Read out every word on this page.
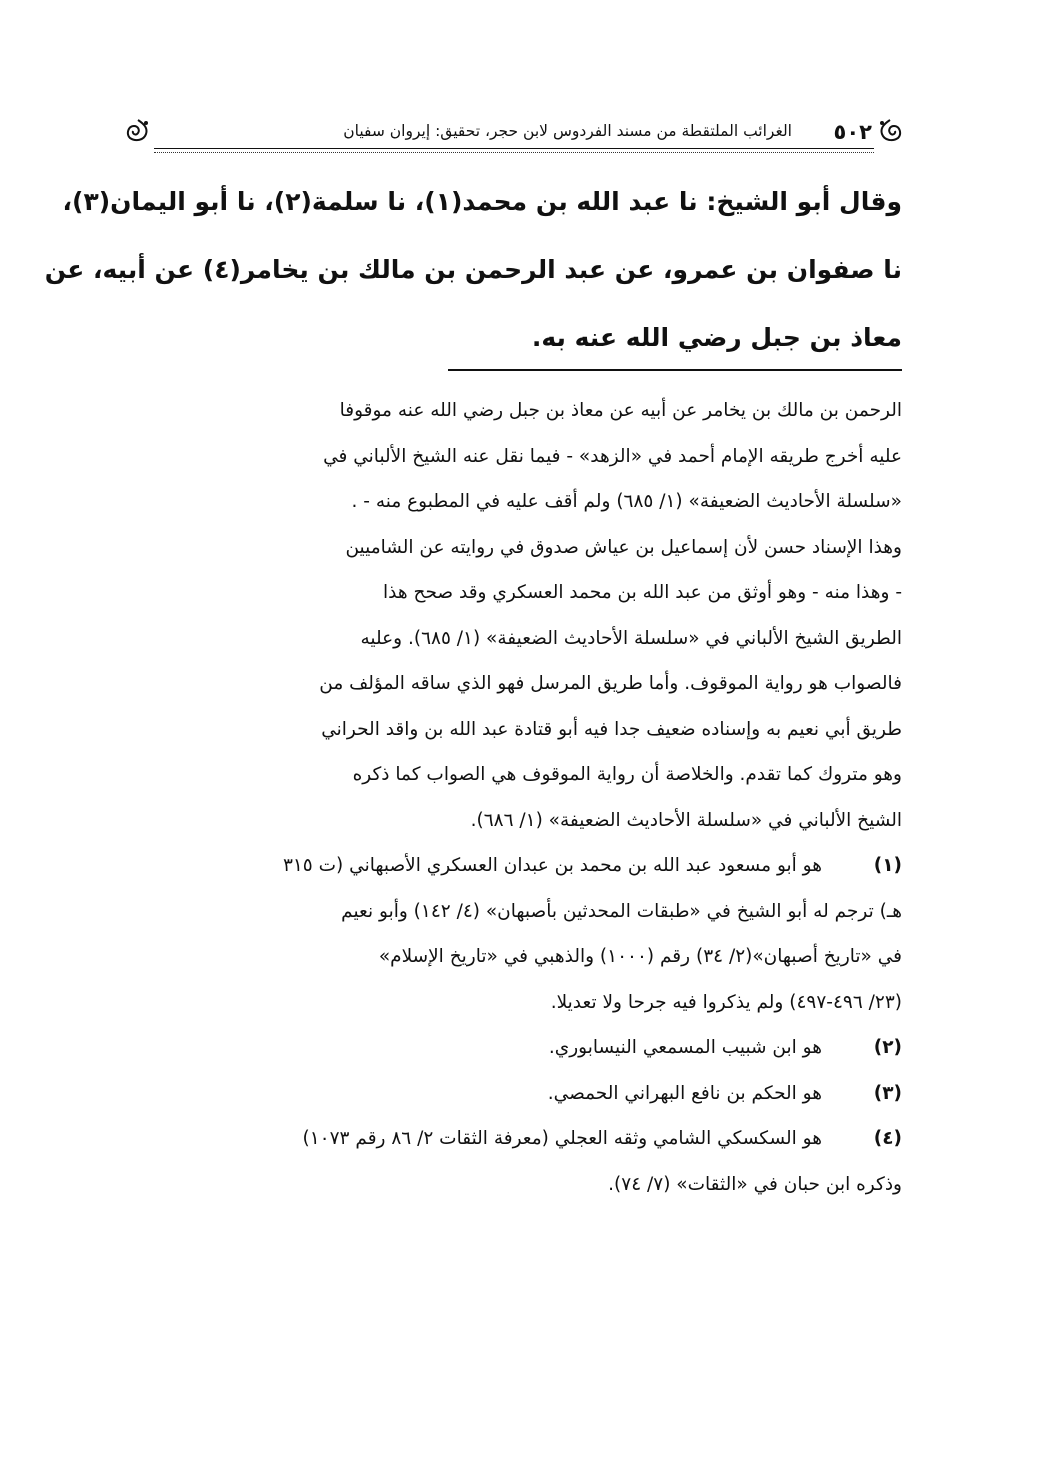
٥٠٢
الغرائب الملتقطة من مسند الفردوس لابن حجر، تحقيق: إيروان سفيان
وقال أبو الشيخ: نا عبد الله بن محمد(١)، نا سلمة(٢)، نا أبو اليمان(٣)،
نا صفوان بن عمرو، عن عبد الرحمن بن مالك بن يخامر(٤) عن أبيه، عن
معاذ بن جبل رضي الله عنه به.
الرحمن بن مالك بن يخامر عن أبيه عن معاذ بن جبل رضي الله عنه موقوفا
عليه أخرج طريقه الإمام أحمد في «الزهد» - فيما نقل عنه الشيخ الألباني في
«سلسلة الأحاديث الضعيفة» (١/ ٦٨٥) ولم أقف عليه في المطبوع منه - .
وهذا الإسناد حسن لأن إسماعيل بن عياش صدوق في روايته عن الشاميين
- وهذا منه - وهو أوثق من عبد الله بن محمد العسكري وقد صحح هذا
الطريق الشيخ الألباني في «سلسلة الأحاديث الضعيفة» (١/ ٦٨٥). وعليه
فالصواب هو رواية الموقوف. وأما طريق المرسل فهو الذي ساقه المؤلف من
طريق أبي نعيم به وإسناده ضعيف جدا فيه أبو قتادة عبد الله بن واقد الحراني
وهو متروك كما تقدم. والخلاصة أن رواية الموقوف هي الصواب كما ذكره
الشيخ الألباني في «سلسلة الأحاديث الضعيفة» (١/ ٦٨٦).
(١)
هو أبو مسعود عبد الله بن محمد بن عبدان العسكري الأصبهاني (ت ٣١٥
هـ) ترجم له أبو الشيخ في «طبقات المحدثين بأصبهان» (٤/ ١٤٢) وأبو نعيم
في «تاريخ أصبهان»(٢/ ٣٤) رقم (١٠٠٠) والذهبي في «تاريخ الإسلام»
(٢٣/ ٤٩٦-٤٩٧) ولم يذكروا فيه جرحا ولا تعديلا.
(٢)
هو ابن شبيب المسمعي النيسابوري.
(٣)
هو الحكم بن نافع البهراني الحمصي.
(٤)
هو السكسكي الشامي وثقه العجلي (معرفة الثقات ٢/ ٨٦ رقم ١٠٧٣)
وذكره ابن حبان في «الثقات» (٧/ ٧٤).
